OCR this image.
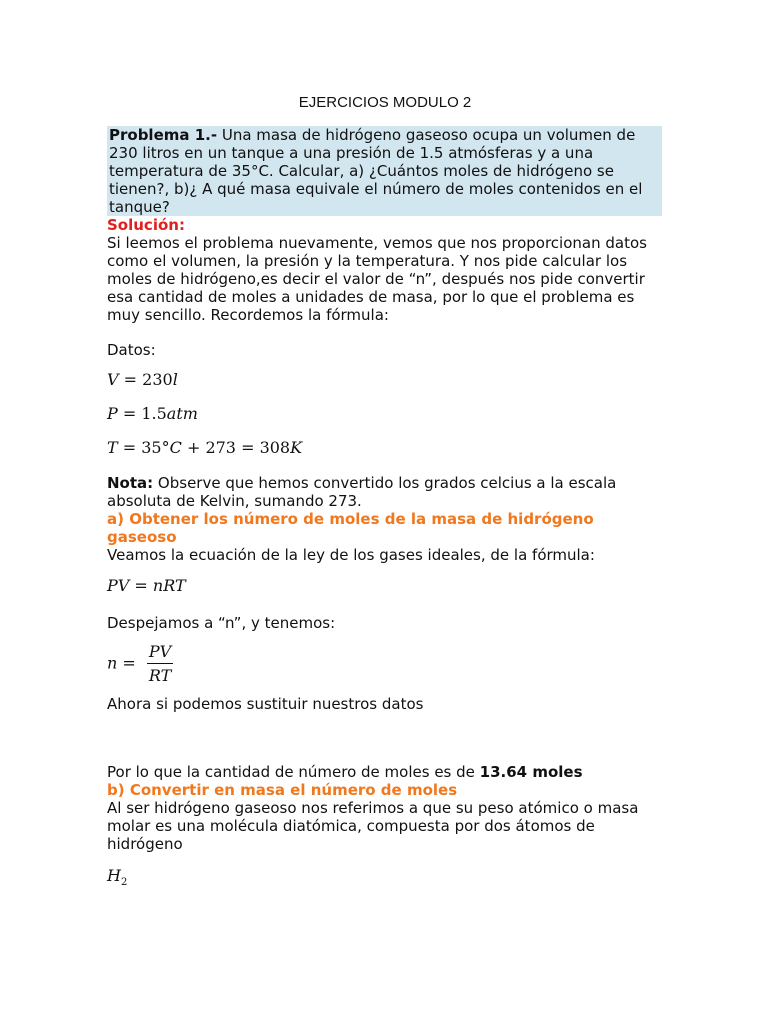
EJERCICIOS MODULO 2

Problema 1.- Una masa de hidrógeno gaseoso ocupa un volumen de 230 litros en un tanque a una presión de 1.5 atmósferas y a una temperatura de 35°C. Calcular, a) ¿Cuántos moles de hidrógeno se tienen?, b)¿ A qué masa equivale el número de moles contenidos en el tanque?

Solución:

Si leemos el problema nuevamente, vemos que nos proporcionan datos como el volumen, la presión y la temperatura. Y nos pide calcular los moles de hidrógeno,es decir el valor de “n”, después nos pide convertir esa cantidad de moles a unidades de masa, por lo que el problema es muy sencillo. Recordemos la fórmula:

Datos:

V = 230l
P = 1.5atm
T = 35°C + 273 = 308K

Nota: Observe que hemos convertido los grados celcius a la escala absoluta de Kelvin, sumando 273.

a) Obtener los número de moles de la masa de hidrógeno gaseoso

Veamos la ecuación de la ley de los gases ideales, de la fórmula:

PV = nRT

Despejamos a “n”, y tenemos:

$n = \frac{PV}{RT}$

Ahora si podemos sustituir nuestros datos

Por lo que la cantidad de número de moles es de 13.64 moles

b) Convertir en masa el número de moles

Al ser hidrógeno gaseoso nos referimos a que su peso atómico o masa molar es una molécula diatómica, compuesta por dos átomos de hidrógeno

$H_2$
